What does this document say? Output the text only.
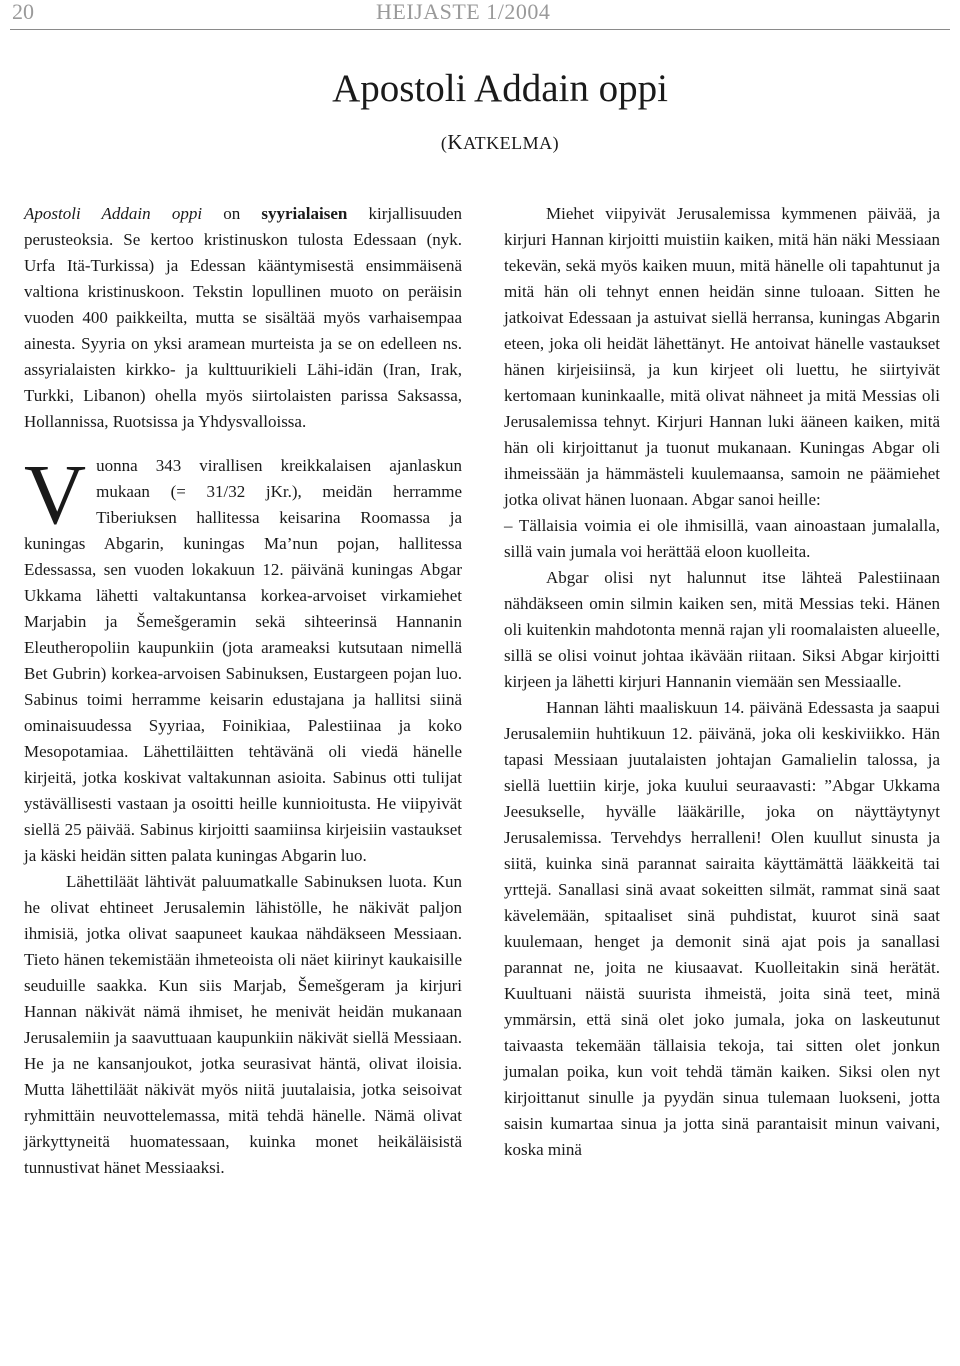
20	HEIJASTE 1/2004
Apostoli Addain oppi
(KATKELMA)

Apostoli Addain oppi on syyrialaisen kirjallisuuden perusteoksia. Se kertoo kristinuskon tulosta Edessaan (nyk. Urfa Itä-Turkissa) ja Edessan kääntymisestä ensimmäisenä valtiona kristinuskoon. Tekstin lopullinen muoto on peräisin vuoden 400 paikkeilta, mutta se sisältää myös varhaisempaa ainesta. Syyria on yksi aramean murteista ja se on edelleen ns. assyrialaisten kirkko- ja kulttuurikieli Lähi-idän (Iran, Irak, Turkki, Libanon) ohella myös siirtolaisten parissa Saksassa, Hollannissa, Ruotsissa ja Yhdysvalloissa.

Vuonna 343 virallisen kreikkalaisen ajanlaskun mukaan (= 31/32 jKr.), meidän herramme Tiberiuksen hallitessa keisarina Roomassa ja kuningas Abgarin, kuningas Ma’nun pojan, hallitessa Edessassa, sen vuoden lokakuun 12. päivänä kuningas Abgar Ukkama lähetti valtakuntansa korkea-arvoiset virkamiehet Marjabin ja Šemešgeramin sekä sihteerinsä Hannanin Eleutheropoliin kaupunkiin (jota arameaksi kutsutaan nimellä Bet Gubrin) korkea-arvoisen Sabinuksen, Eustargeen pojan luo. Sabinus toimi herramme keisarin edustajana ja hallitsi siinä ominaisuudessa Syyriaa, Foinikiaa, Palestiinaa ja koko Mesopotamiaa. Lähettiläitten tehtävänä oli viedä hänelle kirjeitä, jotka koskivat valtakunnan asioita. Sabinus otti tulijat ystävällisesti vastaan ja osoitti heille kunnioitusta. He viipyivät siellä 25 päivää. Sabinus kirjoitti saamiinsa kirjeisiin vastaukset ja käski heidän sitten palata kuningas Abgarin luo.

Lähettiläät lähtivät paluumatkalle Sabinuksen luota. Kun he olivat ehtineet Jerusalemin lähistölle, he näkivät paljon ihmisiä, jotka olivat saapuneet kaukaa nähdäkseen Messiaan. Tieto hänen tekemistään ihmeteoista oli näet kiirinyt kaukaisille seuduille saakka. Kun siis Marjab, Šemešgeram ja kirjuri Hannan näkivät nämä ihmiset, he menivät heidän mukanaan Jerusalemiin ja saavuttuaan kaupunkiin näkivät siellä Messiaan. He ja ne kansanjoukot, jotka seurasivat häntä, olivat iloisia. Mutta lähettiläät näkivät myös niitä juutalaisia, jotka seisoivat ryhmittäin neuvottelemassa, mitä tehdä hänelle. Nämä olivat järkyttyneitä huomatessaan, kuinka monet heikäläisistä tunnustivat hänet Messiaaksi.

Miehet viipyivät Jerusalemissa kymmenen päivää, ja kirjuri Hannan kirjoitti muistiin kaiken, mitä hän näki Messiaan tekevän, sekä myös kaiken muun, mitä hänelle oli tapahtunut ja mitä hän oli tehnyt ennen heidän sinne tuloaan. Sitten he jatkoivat Edessaan ja astuivat siellä herransa, kuningas Abgarin eteen, joka oli heidät lähettänyt. He antoivat hänelle vastaukset hänen kirjeisiinsä, ja kun kirjeet oli luettu, he siirtyivät kertomaan kuninkaalle, mitä olivat nähneet ja mitä Messias oli Jerusalemissa tehnyt. Kirjuri Hannan luki ääneen kaiken, mitä hän oli kirjoittanut ja tuonut mukanaan. Kuningas Abgar oli ihmeissään ja hämmästeli kuulemaansa, samoin ne päämiehet jotka olivat hänen luonaan. Abgar sanoi heille:

– Tällaisia voimia ei ole ihmisillä, vaan ainoastaan jumalalla, sillä vain jumala voi herättää eloon kuolleita.

Abgar olisi nyt halunnut itse lähteä Palestiinaan nähdäkseen omin silmin kaiken sen, mitä Messias teki. Hänen oli kuitenkin mahdotonta mennä rajan yli roomalaisten alueelle, sillä se olisi voinut johtaa ikävään riitaan. Siksi Abgar kirjoitti kirjeen ja lähetti kirjuri Hannanin viemään sen Messiaalle.

Hannan lähti maaliskuun 14. päivänä Edessasta ja saapui Jerusalemiin huhtikuun 12. päivänä, joka oli keskiviikko. Hän tapasi Messiaan juutalaisten johtajan Gamalielin talossa, ja siellä luettiin kirje, joka kuului seuraavasti: ”Abgar Ukkama Jeesukselle, hyvälle lääkärille, joka on näyttäytynyt Jerusalemissa. Tervehdys herralleni! Olen kuullut sinusta ja siitä, kuinka sinä parannat sairaita käyttämättä lääkkeitä tai yrttejä. Sanallasi sinä avaat sokeitten silmät, rammat sinä saat kävelemään, spitaaliset sinä puhdistat, kuurot sinä saat kuulemaan, henget ja demonit sinä ajat pois ja sanallasi parannat ne, joita ne kiusaavat. Kuolleitakin sinä herätät. Kuultuani näistä suurista ihmeistä, joita sinä teet, minä ymmärsin, että sinä olet joko jumala, joka on laskeutunut taivaasta tekemään tällaisia tekoja, tai sitten olet jonkun jumalan poika, kun voit tehdä tämän kaiken. Siksi olen nyt kirjoittanut sinulle ja pyydän sinua tulemaan luokseni, jotta saisin kumartaa sinua ja jotta sinä parantaisit minun vaivani, koska minä
